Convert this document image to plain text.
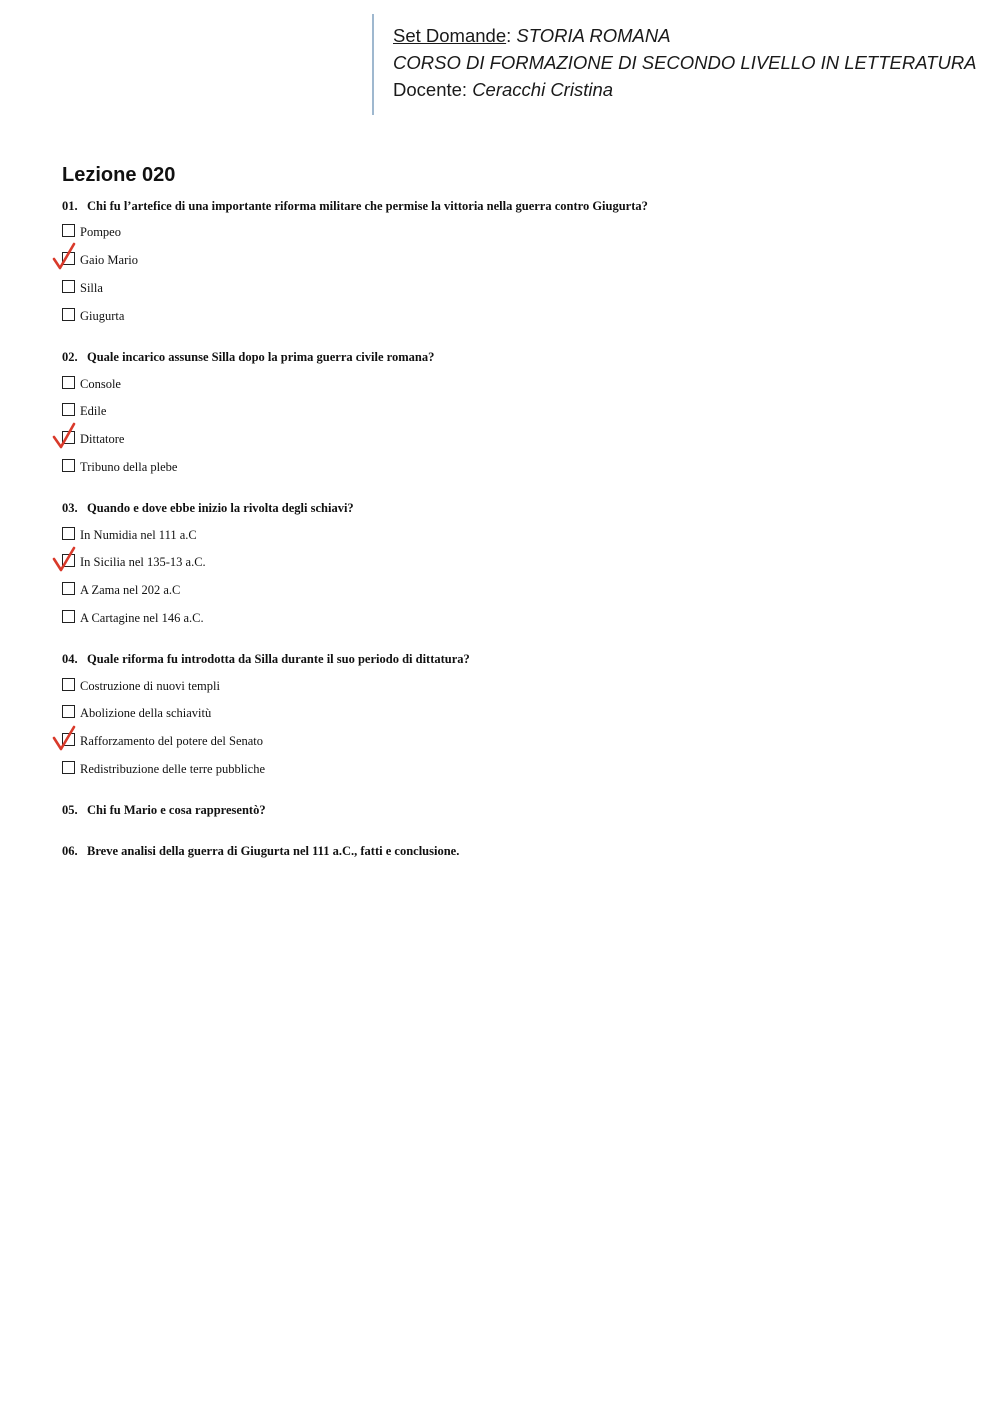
Set Domande: STORIA ROMANA
CORSO DI FORMAZIONE DI SECONDO LIVELLO IN LETTERATURA
Docente: Ceracchi Cristina
Lezione 020
01. Chi fu l’artefice di una importante riforma militare che permise la vittoria nella guerra contro Giugurta?
Pompeo
Gaio Mario
Silla
Giugurta
02. Quale incarico assunse Silla dopo la prima guerra civile romana?
Console
Edile
Dittatore
Tribuno della plebe
03. Quando e dove ebbe inizio la rivolta degli schiavi?
In Numidia nel 111 a.C
In Sicilia nel 135-13 a.C.
A Zama nel 202 a.C
A Cartagine nel 146 a.C.
04. Quale riforma fu introdotta da Silla durante il suo periodo di dittatura?
Costruzione di nuovi templi
Abolizione della schiavitù
Rafforzamento del potere del Senato
Redistribuzione delle terre pubbliche
05. Chi fu Mario e cosa rappresentò?
06. Breve analisi della guerra di Giugurta nel 111 a.C., fatti e conclusione.
